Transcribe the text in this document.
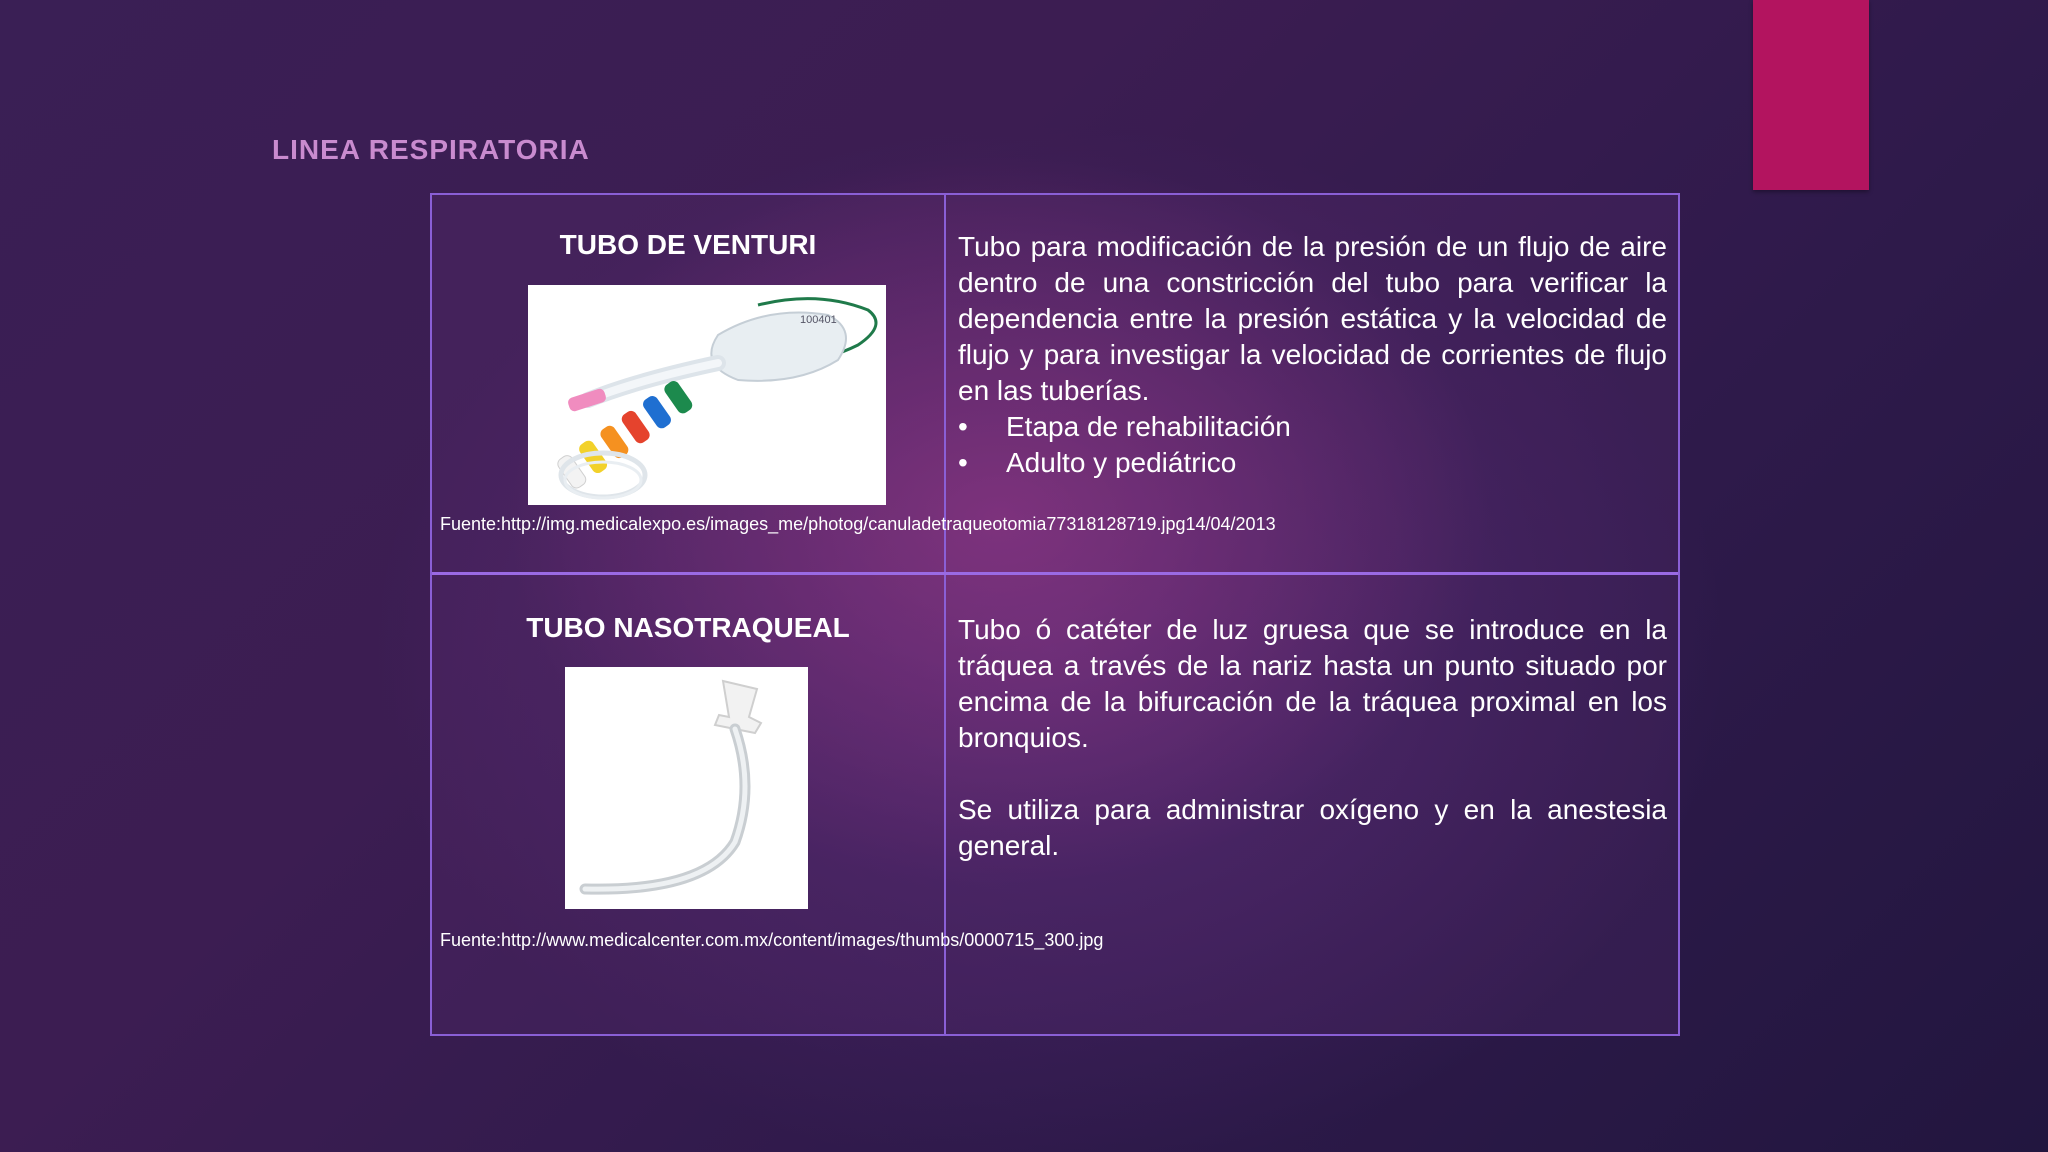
LINEA RESPIRATORIA
TUBO DE VENTURI
100401

Fuente:http://img.medicalexpo.es/images_me/photog/canuladetraqueotomia77318128719.jpg14/04/2013

Tubo para modificación de la presión de un flujo de aire dentro de una constricción del tubo para verificar la dependencia entre la presión estática y la velocidad de flujo y para investigar la velocidad de corrientes de flujo en las tuberías.

• Etapa de rehabilitación
• Adulto y pediátrico
TUBO NASOTRAQUEAL

Fuente:http://www.medicalcenter.com.mx/content/images/thumbs/0000715_300.jpg

Tubo ó catéter de luz gruesa que se introduce en la tráquea a través de la nariz hasta un punto situado por encima de la bifurcación de la tráquea proximal en los bronquios.

Se utiliza para administrar oxígeno y en la anestesia general.
